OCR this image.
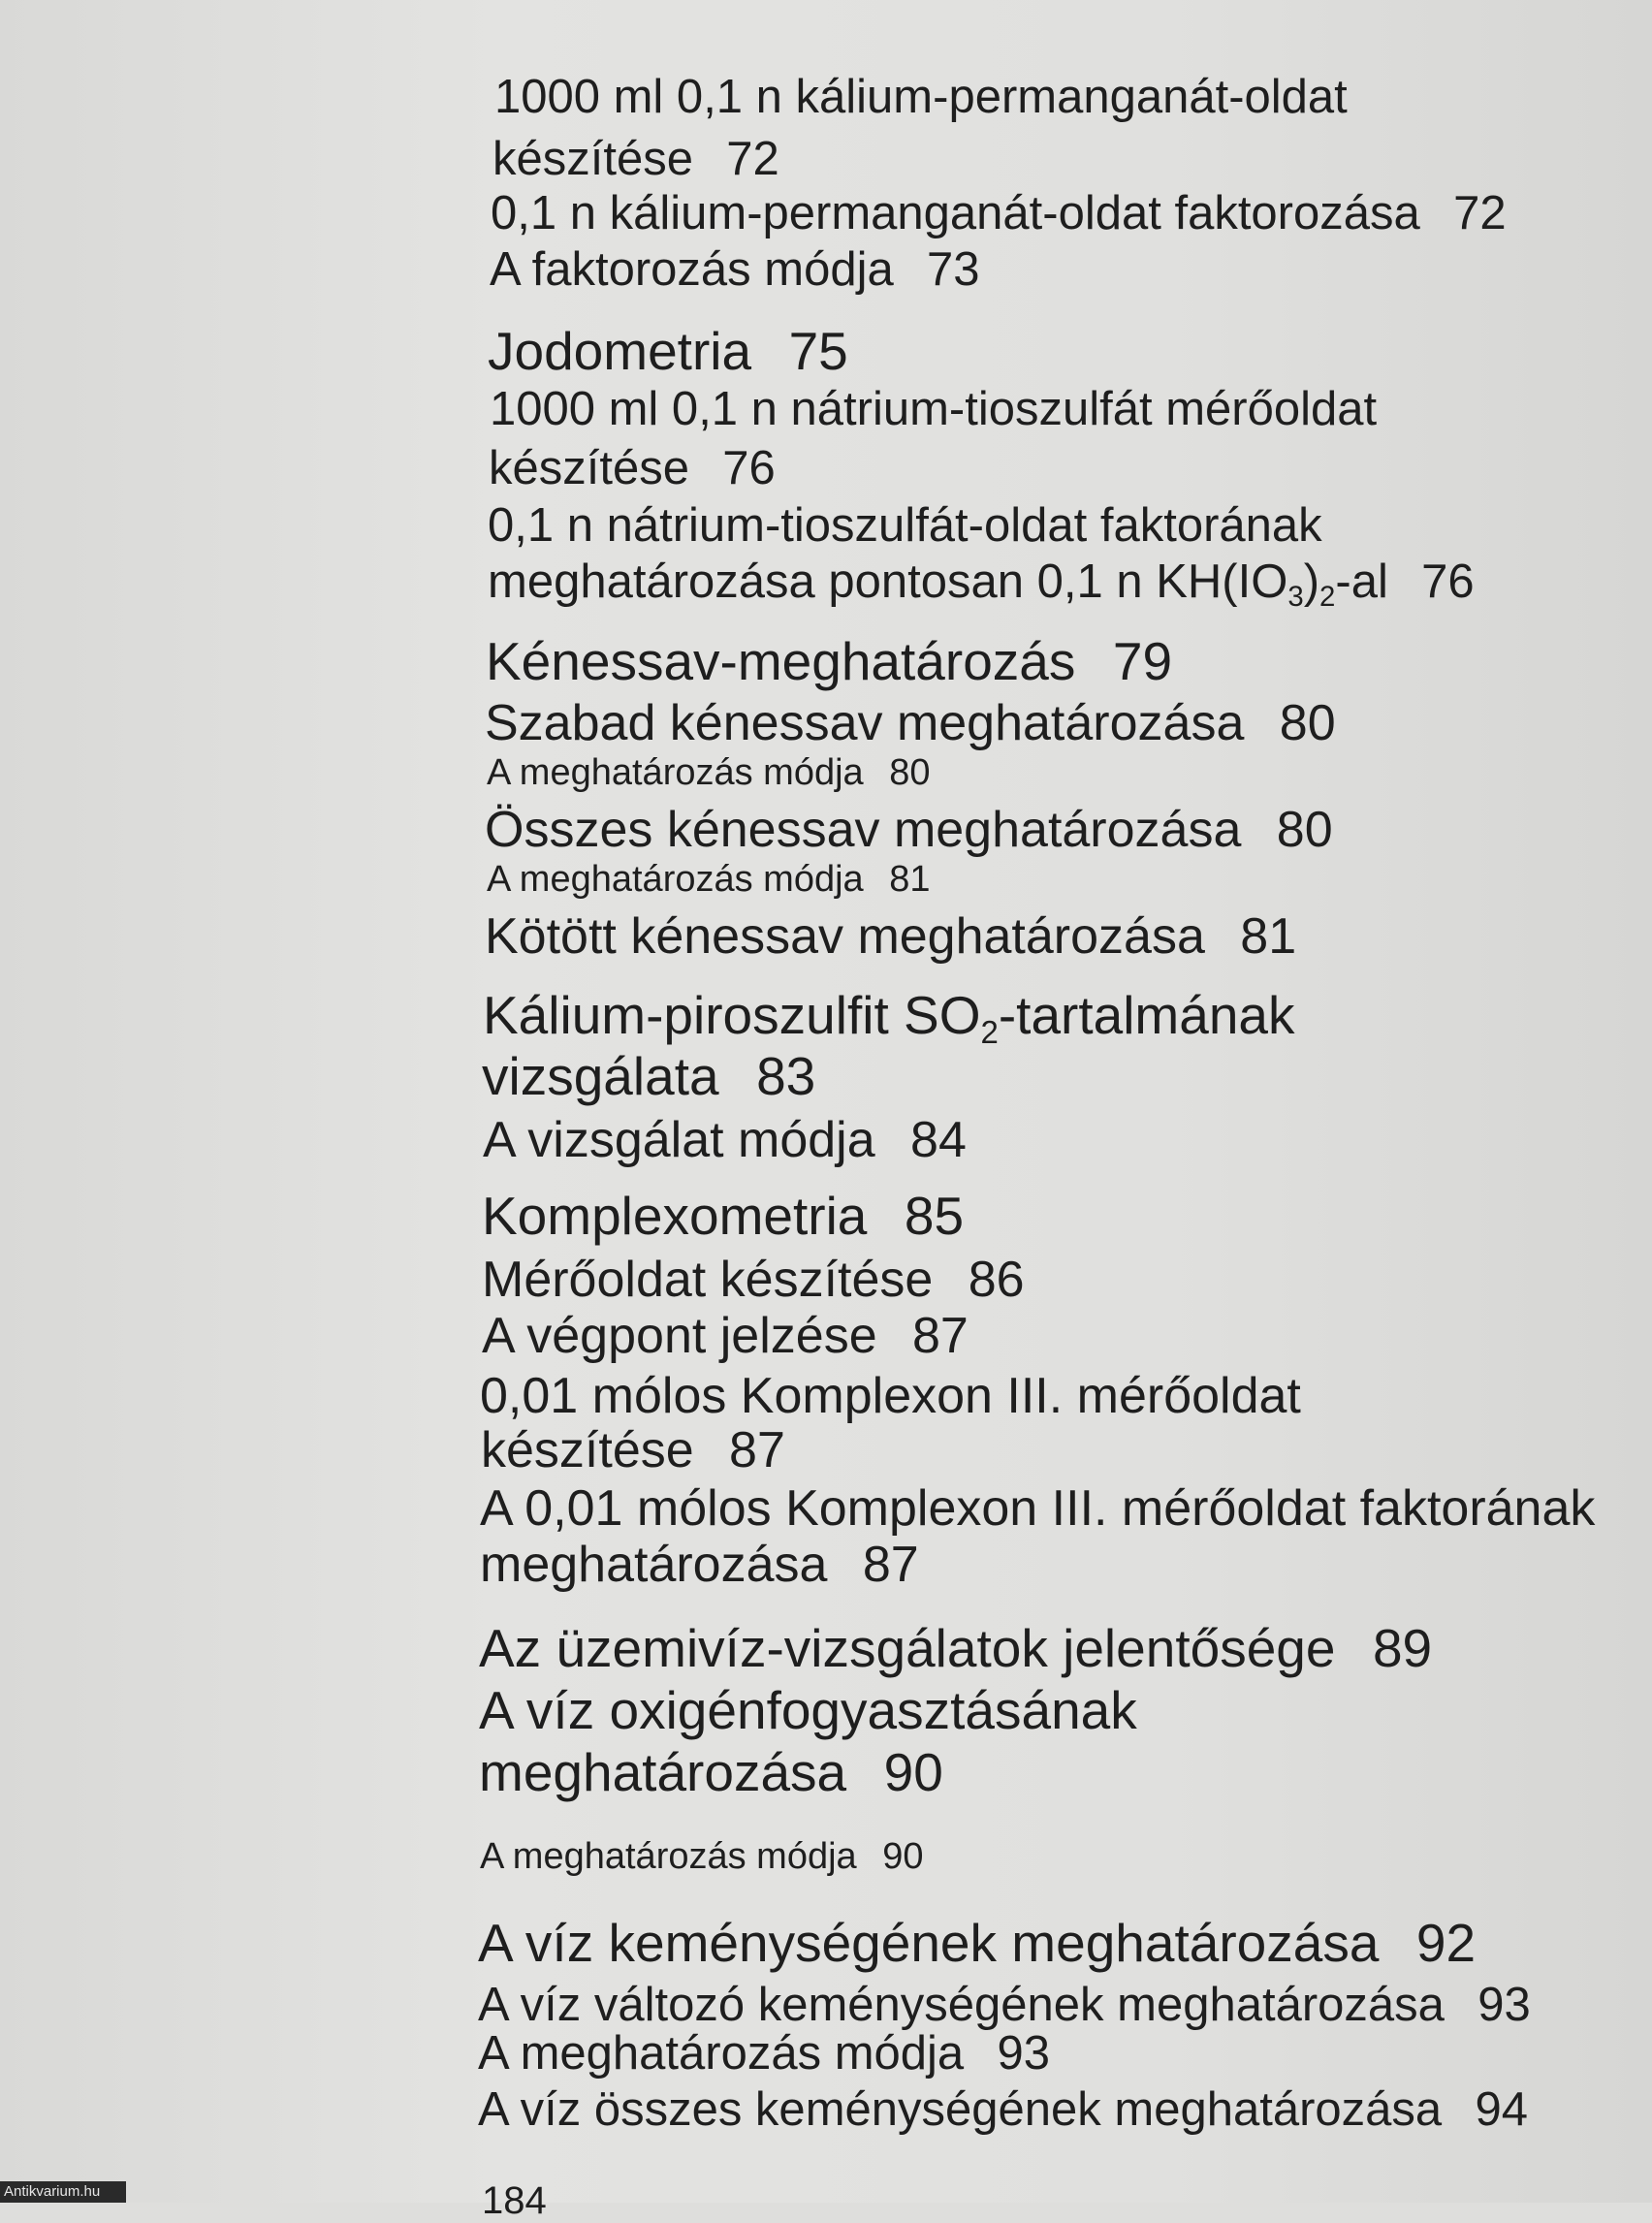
1000 ml 0,1 n kálium-permanganát-oldat

készítése 72

0,1 n kálium-permanganát-oldat faktorozása 72

A faktorozás módja 73

Jodometria 75

1000 ml 0,1 n nátrium-tioszulfát mérőoldat

készítése 76

0,1 n nátrium-tioszulfát-oldat faktorának

meghatározása pontosan 0,1 n $KH(IO_3)_2-al$ 76

Kénessav-meghatározás 79

Szabad kénessav meghatározása 80

A meghatározás módja 80

Összes kénessav meghatározása 80

A meghatározás módja 81

Kötött kénessav meghatározása 81

Kálium-piroszulfit $SO_2$-tartalmának

vizsgálata 83

A vizsgálat módja 84

Komplexometria 85

Mérőoldat készítése 86

A végpont jelzése 87

0,01 mólos Komplexon III. mérőoldat

készítése 87

A 0,01 mólos Komplexon III. mérőoldat faktorának

meghatározása 87

Az üzemivíz-vizsgálatok jelentősége 89

A víz oxigénfogyasztásának

meghatározása 90

A meghatározás módja 90

A víz keménységének meghatározása 92

A víz változó keménységének meghatározása 93

A meghatározás módja 93

A víz összes keménységének meghatározása 94

184
Antikvarium.hu
